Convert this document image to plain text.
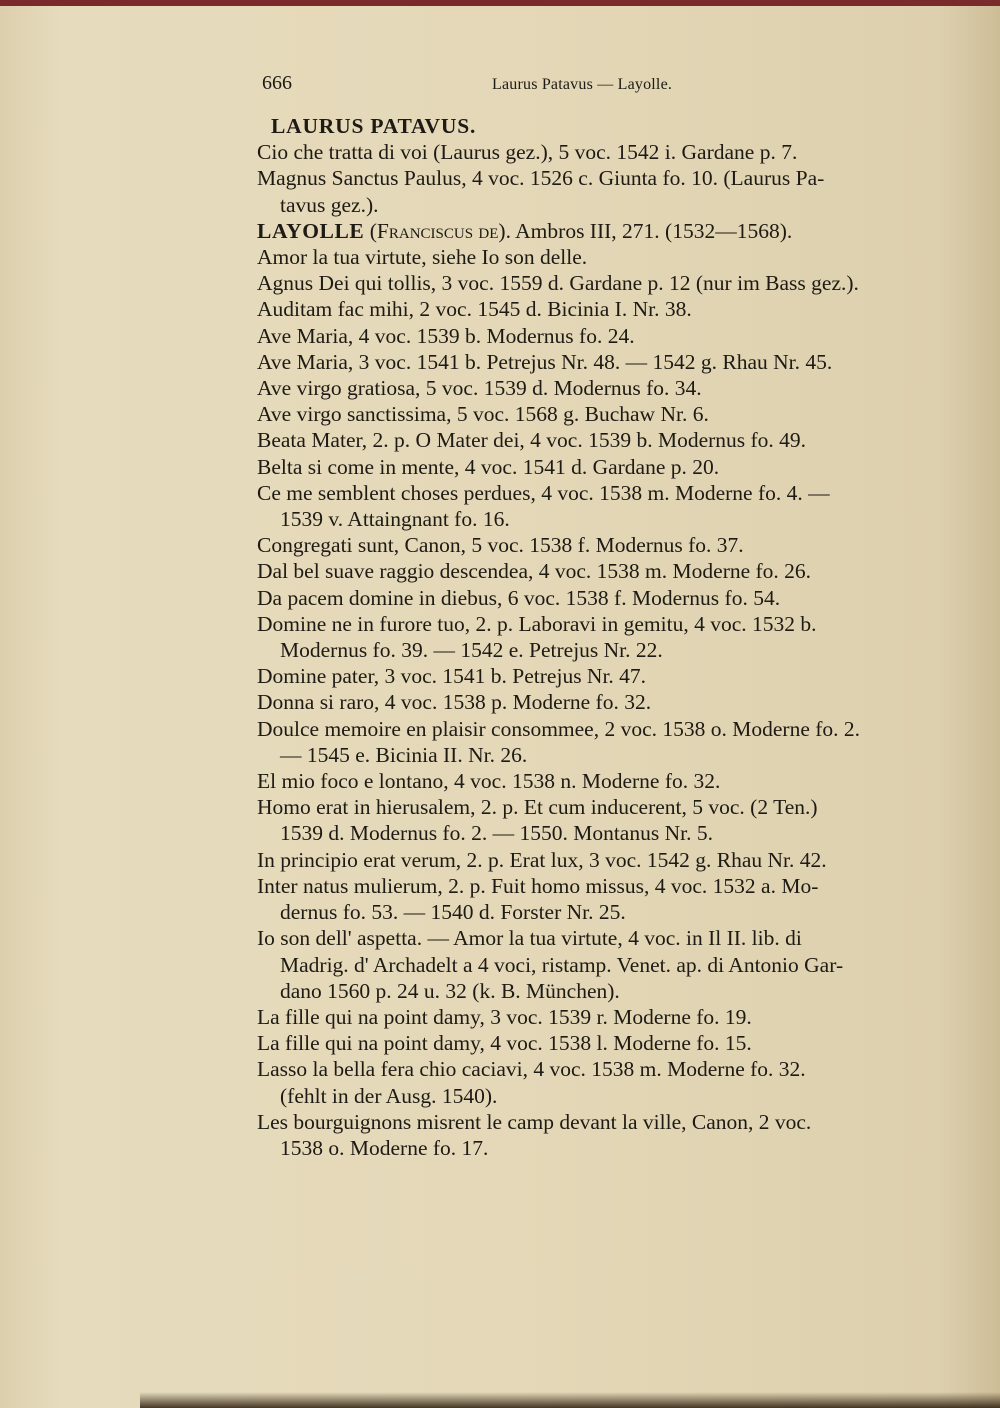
666	Laurus Patavus — Layolle.
LAURUS PATAVUS.
Cio che tratta di voi (Laurus gez.), 5 voc. 1542 i. Gardane p. 7.
Magnus Sanctus Paulus, 4 voc. 1526 c. Giunta fo. 10. (Laurus Pa-
tavus gez.).
LAYOLLE (Franciscus de). Ambros III, 271. (1532—1568).
Amor la tua virtute, siehe Io son delle.
Agnus Dei qui tollis, 3 voc. 1559 d. Gardane p. 12 (nur im Bass gez.).
Auditam fac mihi, 2 voc. 1545 d. Bicinia I. Nr. 38.
Ave Maria, 4 voc. 1539 b. Modernus fo. 24.
Ave Maria, 3 voc. 1541 b. Petrejus Nr. 48. — 1542 g. Rhau Nr. 45.
Ave virgo gratiosa, 5 voc. 1539 d. Modernus fo. 34.
Ave virgo sanctissima, 5 voc. 1568 g. Buchaw Nr. 6.
Beata Mater, 2. p. O Mater dei, 4 voc. 1539 b. Modernus fo. 49.
Belta si come in mente, 4 voc. 1541 d. Gardane p. 20.
Ce me semblent choses perdues, 4 voc. 1538 m. Moderne fo. 4. —
1539 v. Attaingnant fo. 16.
Congregati sunt, Canon, 5 voc. 1538 f. Modernus fo. 37.
Dal bel suave raggio descendea, 4 voc. 1538 m. Moderne fo. 26.
Da pacem domine in diebus, 6 voc. 1538 f. Modernus fo. 54.
Domine ne in furore tuo, 2. p. Laboravi in gemitu, 4 voc. 1532 b.
Modernus fo. 39. — 1542 e. Petrejus Nr. 22.
Domine pater, 3 voc. 1541 b. Petrejus Nr. 47.
Donna si raro, 4 voc. 1538 p. Moderne fo. 32.
Doulce memoire en plaisir consommee, 2 voc. 1538 o. Moderne fo. 2.
— 1545 e. Bicinia II. Nr. 26.
El mio foco e lontano, 4 voc. 1538 n. Moderne fo. 32.
Homo erat in hierusalem, 2. p. Et cum inducerent, 5 voc. (2 Ten.)
1539 d. Modernus fo. 2. — 1550. Montanus Nr. 5.
In principio erat verum, 2. p. Erat lux, 3 voc. 1542 g. Rhau Nr. 42.
Inter natus mulierum, 2. p. Fuit homo missus, 4 voc. 1532 a. Mo-
dernus fo. 53. — 1540 d. Forster Nr. 25.
Io son dell' aspetta. — Amor la tua virtute, 4 voc. in Il II. lib. di
Madrig. d' Archadelt a 4 voci, ristamp. Venet. ap. di Antonio Gar-
dano 1560 p. 24 u. 32 (k. B. München).
La fille qui na point damy, 3 voc. 1539 r. Moderne fo. 19.
La fille qui na point damy, 4 voc. 1538 l. Moderne fo. 15.
Lasso la bella fera chio caciavi, 4 voc. 1538 m. Moderne fo. 32.
(fehlt in der Ausg. 1540).
Les bourguignons misrent le camp devant la ville, Canon, 2 voc.
1538 o. Moderne fo. 17.
